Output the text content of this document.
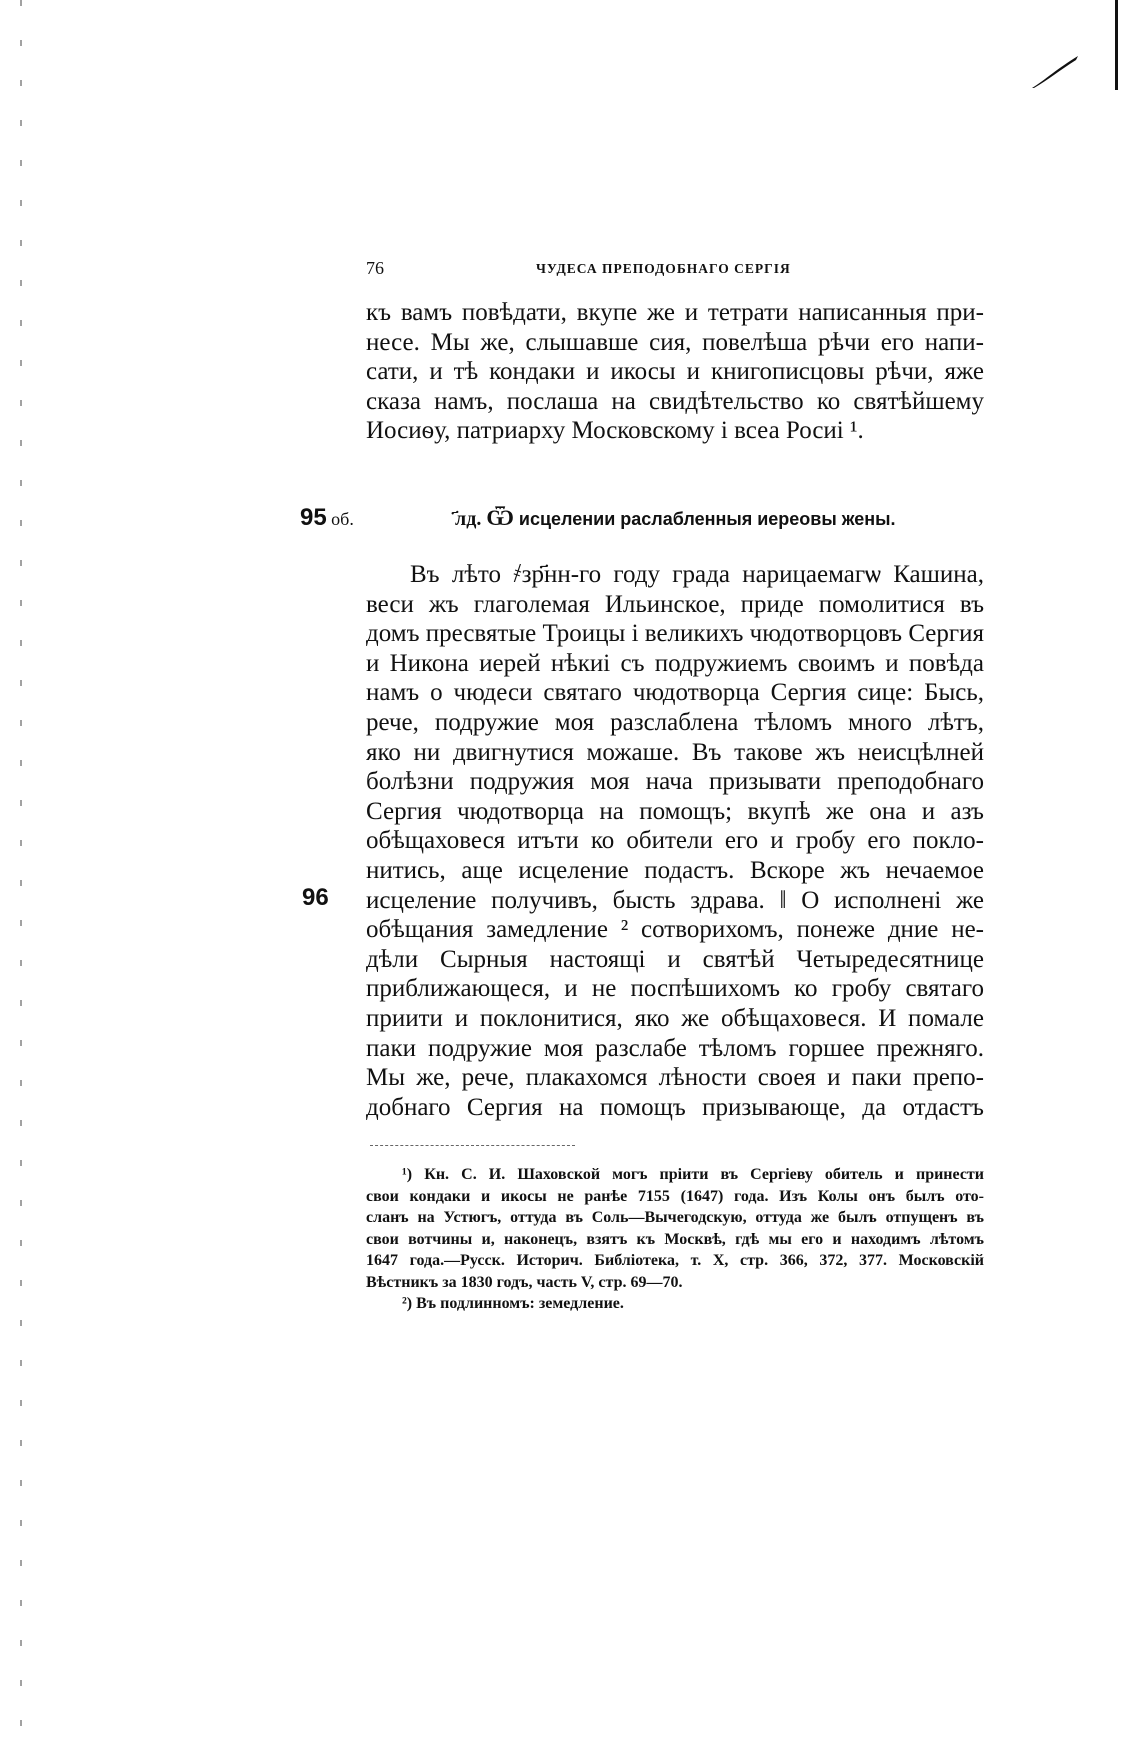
76	ЧУДЕСА ПРЕПОДОБНАГО СЕРГІЯ
къ вамъ повѣдати, вкупе же и тетрати написанныя при-
несе. Мы же, слышавше сия, повелѣша рѣчи его напи-
сати, и тѣ кондаки и икосы и книгописцовы рѣчи, яже
сказа намъ, послаша на свидѣтельство ко святѣйшему
Иосиѳу, патриарху Московскому і всеа Росиі ¹.
95 об.	҃лд. Ѿ исцелении раслабленныя иереовы жены.
Въ лѣто ҂зр҃нн-го году града нарицаемагѡ Кашина,
веси жъ глаголемая Ильинское, приде помолитися въ
домъ пресвятые Троицы і великихъ чюдотворцовъ Сергия
и Никона иерей нѣкиі съ подружиемъ своимъ и повѣда
намъ о чюдеси святаго чюдотворца Сергия сице: Бысь,
рече, подружие моя разслаблена тѣломъ много лѣтъ,
яко ни двигнутися можаше. Въ такове жъ неисцѣлней
болѣзни подружия моя нача призывати преподобнаго
Сергия чюдотворца на помощъ; вкупѣ же она и азъ
обѣщаховеся итъти ко обители его и гробу его покло-
нитись, аще исцеление подастъ. Вскоре жъ нечаемое
исцеление получивъ, бысть здрава. ‖ О исполнені же
обѣщания замедление ² сотворихомъ, понеже дние не-
дѣли Сырныя настоящі и святѣй Четыредесятнице
приближающеся, и не поспѣшихомъ ко гробу святаго
приити и поклонитися, яко же обѣщаховеся. И помале
паки подружие моя разслабе тѣломъ горшее прежняго.
Мы же, рече, плакахомся лѣности своея и паки препо-
добнаго Сергия на помощъ призывающе, да отдастъ
96
¹) Кн. С. И. Шаховской могъ пріити въ Сергіеву обитель и принести
свои кондаки и икосы не ранѣе 7155 (1647) года. Изъ Колы онъ былъ ото-
сланъ на Устюгъ, оттуда въ Соль—Вычегодскую, оттуда же былъ отпущенъ въ
свои вотчины и, наконецъ, взятъ къ Москвѣ, гдѣ мы его и находимъ лѣтомъ
1647 года.—Русск. Историч. Библіотека, т. X, стр. 366, 372, 377. Московскій
Вѣстникъ за 1830 годъ, часть V, стр. 69—70.
²) Въ подлинномъ: земедление.
